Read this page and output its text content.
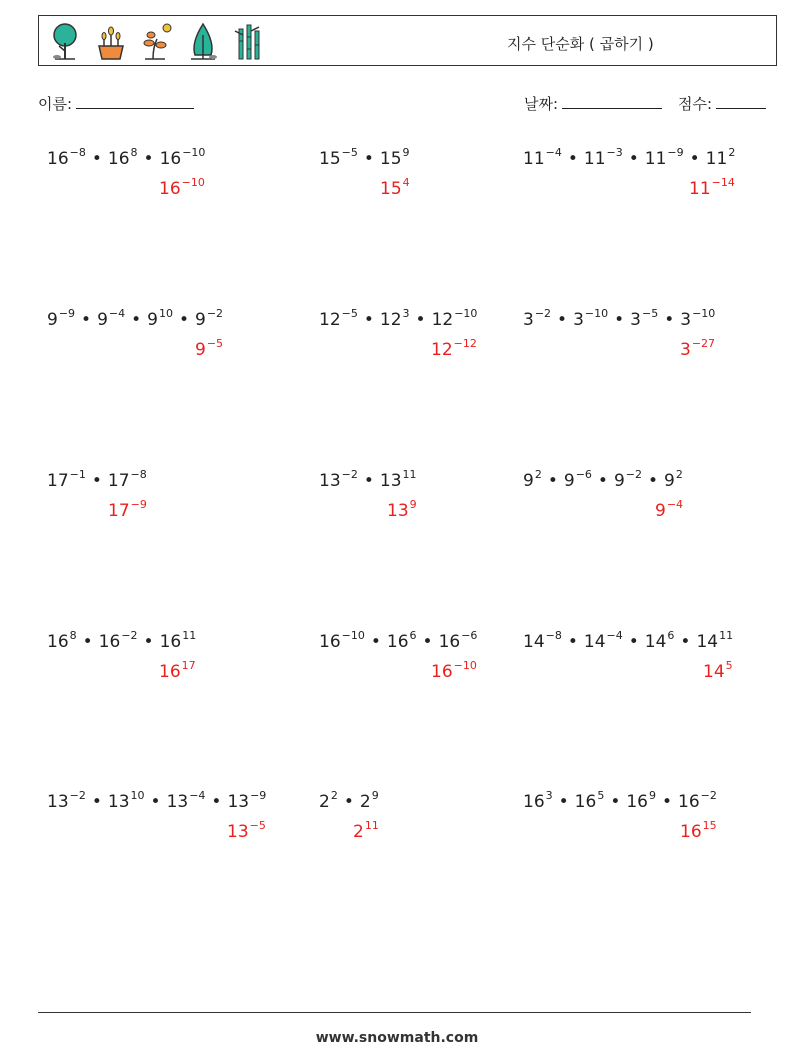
지수 단순화 ( 곱하기 )
이름:	날짜:	점수:
$16^{-8}$ • $16^8$ • $16^{-10}$
$16^{-10}$
$15^{-5}$ • $15^9$
$15^4$
$11^{-4}$ • $11^{-3}$ • $11^{-9}$ • $11^2$
$11^{-14}$
$9^{-9}$ • $9^{-4}$ • $9^{10}$ • $9^{-2}$
$9^{-5}$
$12^{-5}$ • $12^3$ • $12^{-10}$
$12^{-12}$
$3^{-2}$ • $3^{-10}$ • $3^{-5}$ • $3^{-10}$
$3^{-27}$
$17^{-1}$ • $17^{-8}$
$17^{-9}$
$13^{-2}$ • $13^{11}$
$13^9$
$9^2$ • $9^{-6}$ • $9^{-2}$ • $9^2$
$9^{-4}$
$16^8$ • $16^{-2}$ • $16^{11}$
$16^{17}$
$16^{-10}$ • $16^6$ • $16^{-6}$
$16^{-10}$
$14^{-8}$ • $14^{-4}$ • $14^6$ • $14^{11}$
$14^5$
$13^{-2}$ • $13^{10}$ • $13^{-4}$ • $13^{-9}$
$13^{-5}$
$2^2$ • $2^9$
$2^{11}$
$16^3$ • $16^5$ • $16^9$ • $16^{-2}$
$16^{15}$
www.snowmath.com
